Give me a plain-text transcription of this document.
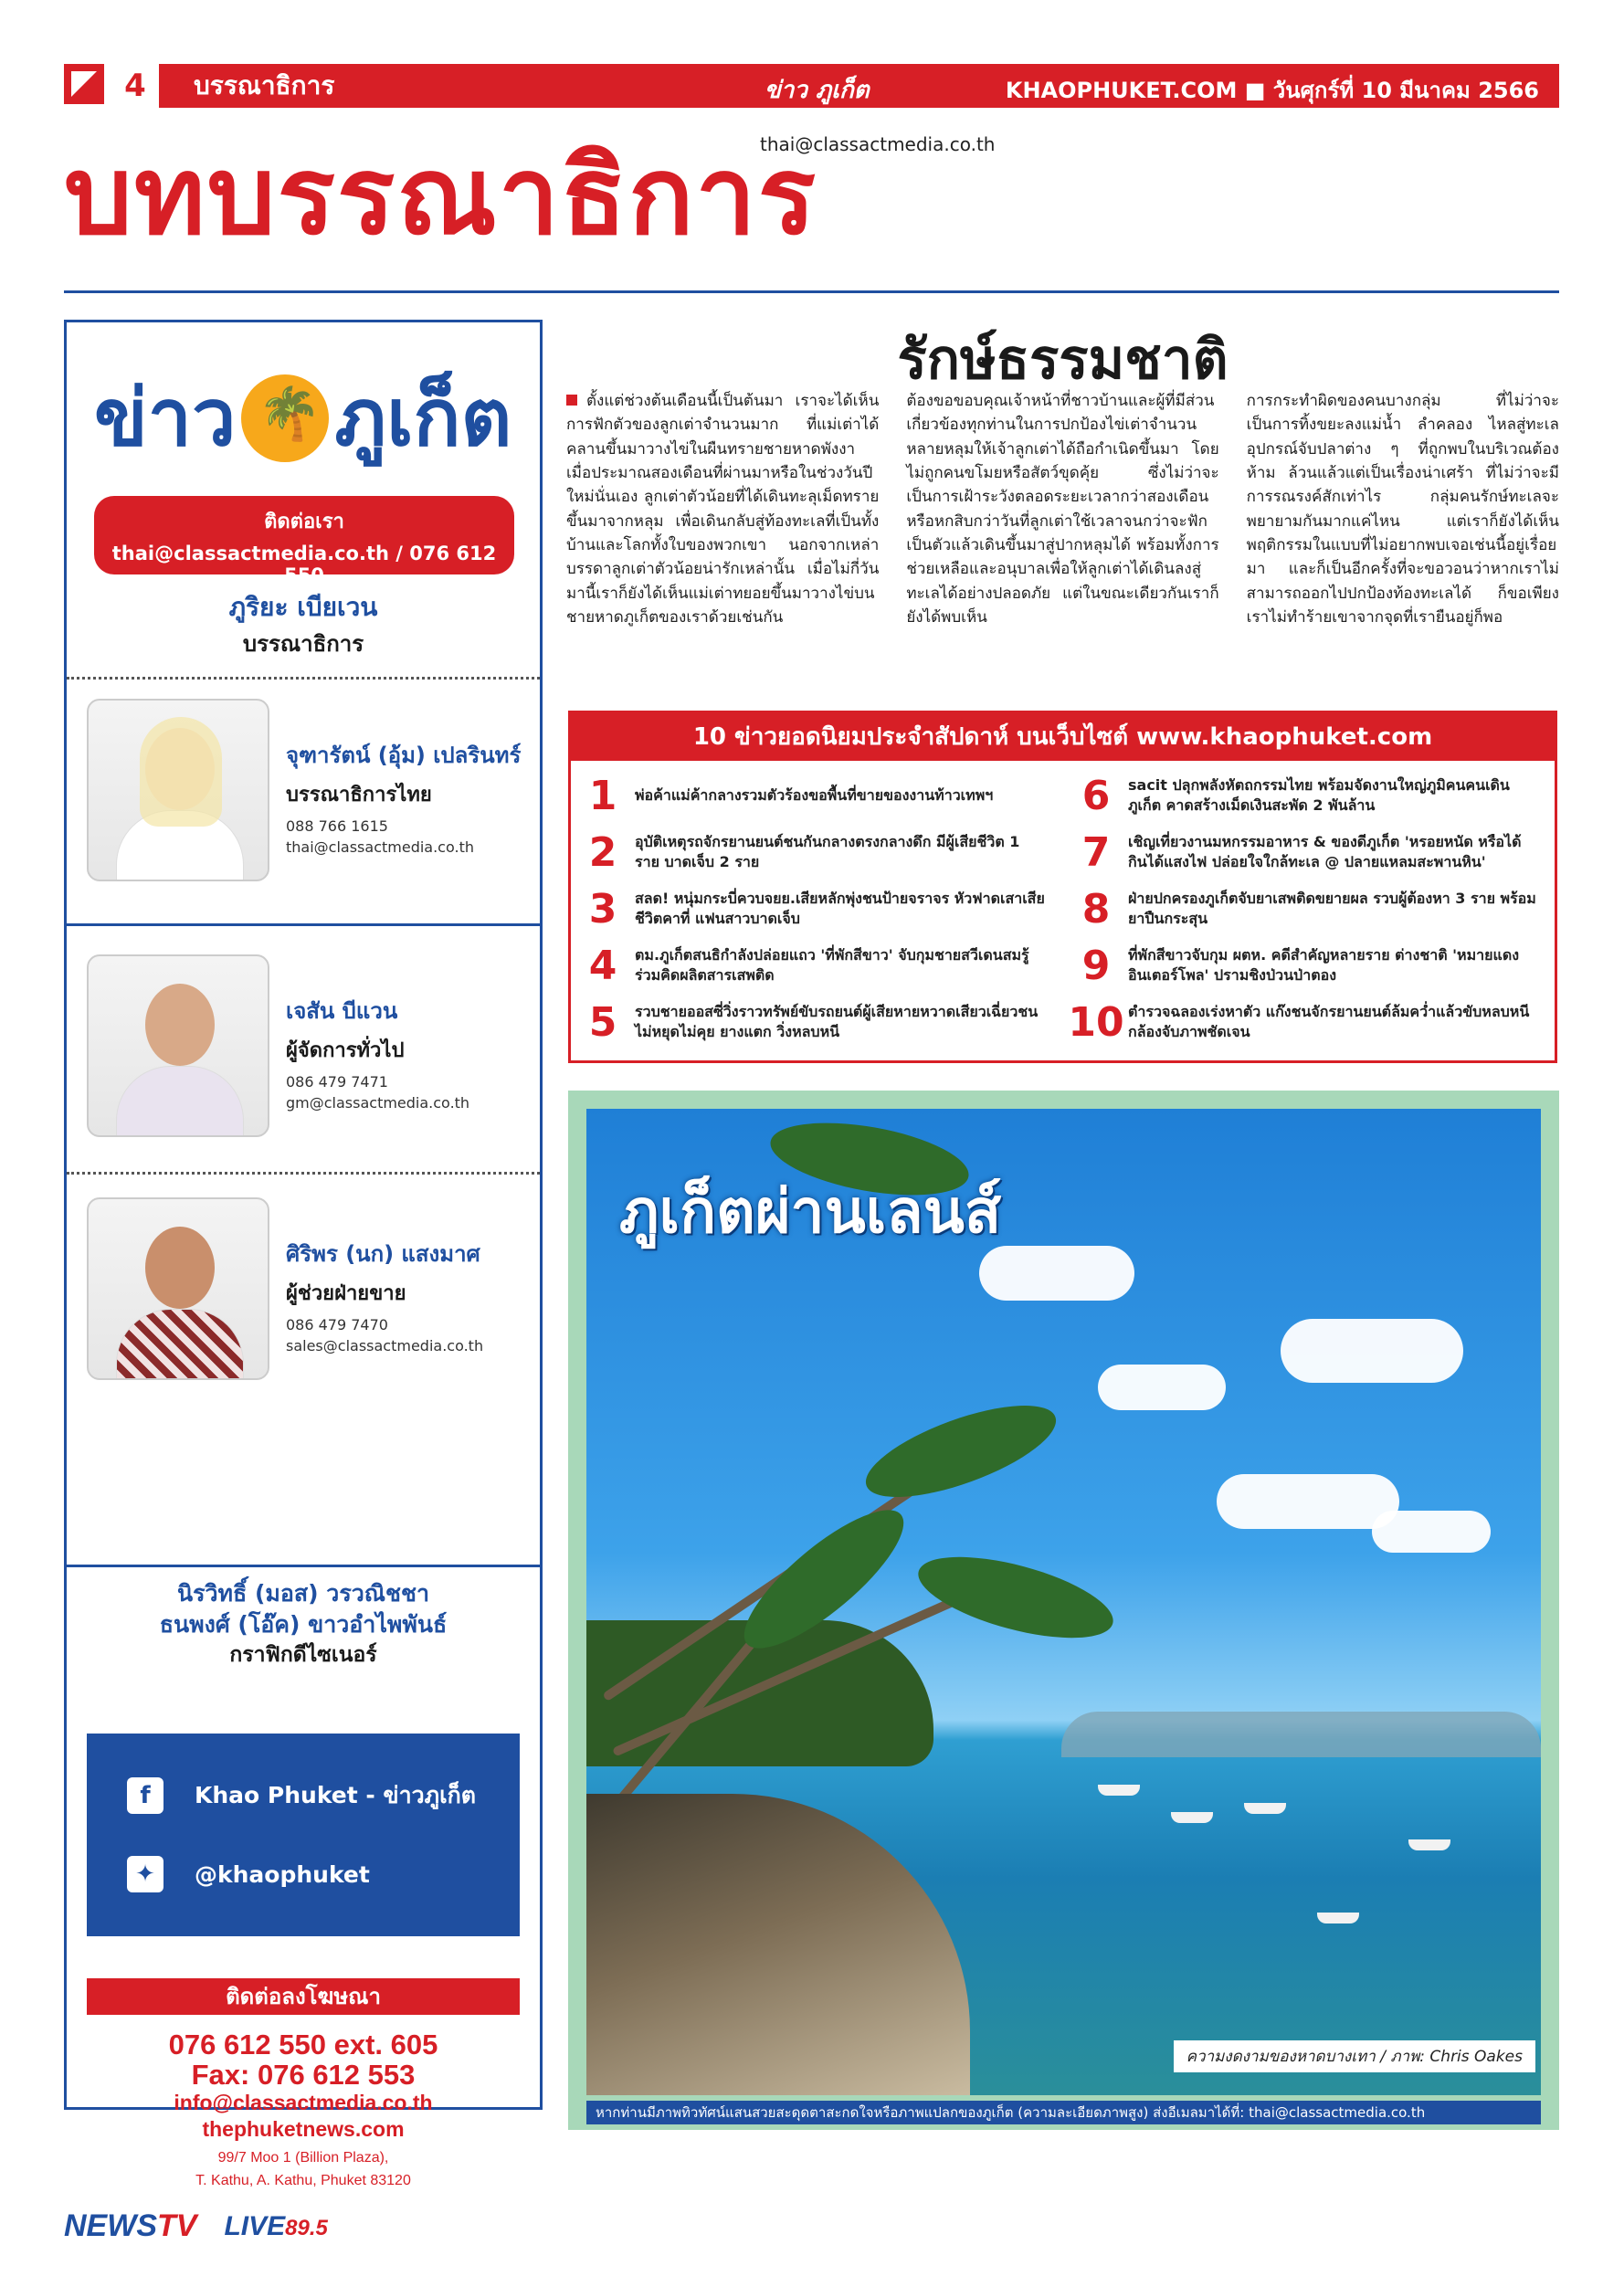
4	บรรณาธิการ	ข่าว ภูเก็ต	KHAOPHUKET.COM ■ วันศุกร์ที่ 10 มีนาคม 2566
บทบรรณาธิการ
thai@classactmedia.co.th
ข่าว
🌴 ภูเก็ต
ติดต่อเรา
thai@classactmedia.co.th / 076 612 550
ภูริยะ เบียเวน
บรรณาธิการ
จุฑารัตน์ (อุ้ม) เปลรินทร์
บรรณาธิการไทย
088 766 1615
thai@classactmedia.co.th
เจสัน บีแวน
ผู้จัดการทั่วไป
086 479 7471
gm@classactmedia.co.th
ศิริพร (นก) แสงมาศ
ผู้ช่วยฝ่ายขาย
086 479 7470
sales@classactmedia.co.th
นิรวิทธิ์ (มอส) วรวณิชชา
ธนพงศ์ (โอ๊ค) ขาวอำไพพันธ์
กราฟิกดีไซเนอร์
f	Khao Phuket - ข่าวภูเก็ต
✦	@khaophuket
ติดต่อลงโฆษณา
076 612 550 ext. 605
Fax: 076 612 553
info@classactmedia.co.th
thephuketnews.com
99/7 Moo 1 (Billion Plaza),
T. Kathu, A. Kathu, Phuket 83120
รักษ์ธรรมชาติ
ตั้งแต่ช่วงต้นเดือนนี้เป็นต้นมา เราจะได้เห็นการฟักตัวของลูกเต่าจำนวนมาก ที่แม่เต่าได้คลานขึ้นมาวางไข่ในผืนทรายชายหาดพังงาเมื่อประมาณสองเดือนที่ผ่านมาหรือในช่วงวันปีใหม่นั่นเอง ลูกเต่าตัวน้อยที่ได้เดินทะลุเม็ดทรายขึ้นมาจากหลุม เพื่อเดินกลับสู่ท้องทะเลที่เป็นทั้งบ้านและโลกทั้งใบของพวกเขา นอกจากเหล่าบรรดาลูกเต่าตัวน้อยน่ารักเหล่านั้น เมื่อไม่กี่วันมานี้เราก็ยังได้เห็นแม่เต่าทยอยขึ้นมาวางไข่บนชายหาดภูเก็ตของเราด้วยเช่นกัน
ต้องขอขอบคุณเจ้าหน้าที่ชาวบ้านและผู้ที่มีส่วนเกี่ยวข้องทุกท่านในการปกป้องไข่เต่าจำนวนหลายหลุมให้เจ้าลูกเต่าได้ถือกำเนิดขึ้นมา โดยไม่ถูกคนขโมยหรือสัตว์ขุดคุ้ย ซึ่งไม่ว่าจะเป็นการเฝ้าระวังตลอดระยะเวลากว่าสองเดือนหรือหกสิบกว่าวันที่ลูกเต่าใช้เวลาจนกว่าจะฟักเป็นตัวแล้วเดินขึ้นมาสู่ปากหลุมได้ พร้อมทั้งการช่วยเหลือและอนุบาลเพื่อให้ลูกเต่าได้เดินลงสู่ทะเลได้อย่างปลอดภัย แต่ในขณะเดียวกันเราก็ยังได้พบเห็น
การกระทำผิดของคนบางกลุ่ม ที่ไม่ว่าจะเป็นการทิ้งขยะลงแม่น้ำ ลำคลอง ไหลสู่ทะเล อุปกรณ์จับปลาต่าง ๆ ที่ถูกพบในบริเวณต้องห้าม ล้วนแล้วแต่เป็นเรื่องน่าเศร้า ที่ไม่ว่าจะมีการรณรงค์สักเท่าไร กลุ่มคนรักษ์ทะเลจะพยายามกันมากแค่ไหน แต่เราก็ยังได้เห็นพฤติกรรมในแบบที่ไม่อยากพบเจอเช่นนี้อยู่เรื่อยมา และก็เป็นอีกครั้งที่จะขอวอนว่าหากเราไม่สามารถออกไปปกป้องท้องทะเลได้ ก็ขอเพียงเราไม่ทำร้ายเขาจากจุดที่เรายืนอยู่ก็พอ
10 ข่าวยอดนิยมประจำสัปดาห์ บนเว็บไซต์ www.khaophuket.com
1	พ่อค้าแม่ค้ากลางรวมตัวร้องขอพื้นที่ขายของงานท้าวเทพฯ
2	อุบัติเหตุรถจักรยานยนต์ชนกันกลางตรงกลางดึก มีผู้เสียชีวิต 1 ราย บาดเจ็บ 2 ราย
3	สลด! หนุ่มกระบี่ควบจยย.เสียหลักพุ่งชนป้ายจราจร หัวฟาดเสาเสียชีวิตคาที่ แฟนสาวบาดเจ็บ
4	ตม.ภูเก็ตสนธิกำลังปล่อยแถว 'ที่พักสีขาว' จับกุมชายสวีเดนสมรู้ร่วมคิดผลิตสารเสพติด
5	รวบชายออสซี่วิ่งราวทรัพย์ขับรถยนต์ผู้เสียหายหวาดเสียวเฉี่ยวชนไม่หยุดไม่คุย ยางแตก วิ่งหลบหนี
6	sacit ปลุกพลังหัตถกรรมไทย พร้อมจัดงานใหญ่ภูมิคนคนเดินภูเก็ต คาดสร้างเม็ดเงินสะพัด 2 พันล้าน
7	เชิญเที่ยวงานมหกรรมอาหาร & ของดีภูเก็ต 'หรอยหนัด หรือได้ กินได้แสงไฟ ปล่อยใจใกล้ทะเล @ ปลายแหลมสะพานหิน'
8	ฝ่ายปกครองภูเก็ตจับยาเสพติดขยายผล รวบผู้ต้องหา 3 ราย พร้อมยาปืนกระสุน
9	ที่พักสีขาวจับกุม ผตห. คดีสำคัญหลายราย ต่างชาติ 'หมายแดง อินเตอร์โพล' ปรามชิงป่วนป่าตอง
10 ตำรวจฉลองเร่งหาตัว แก๊งชนจักรยานยนต์ล้มคว่ำแล้วขับหลบหนี กล้องจับภาพชัดเจน
ภูเก็ตผ่านเลนส์
ความงดงามของหาดบางเทา / ภาพ: Chris Oakes
หากท่านมีภาพทิวทัศน์แสนสวยสะดุดตาสะกดใจหรือภาพแปลกของภูเก็ต (ความละเอียดภาพสูง) ส่งอีเมลมาได้ที่: thai@classactmedia.co.th
NEWSTV LIVE89.5
